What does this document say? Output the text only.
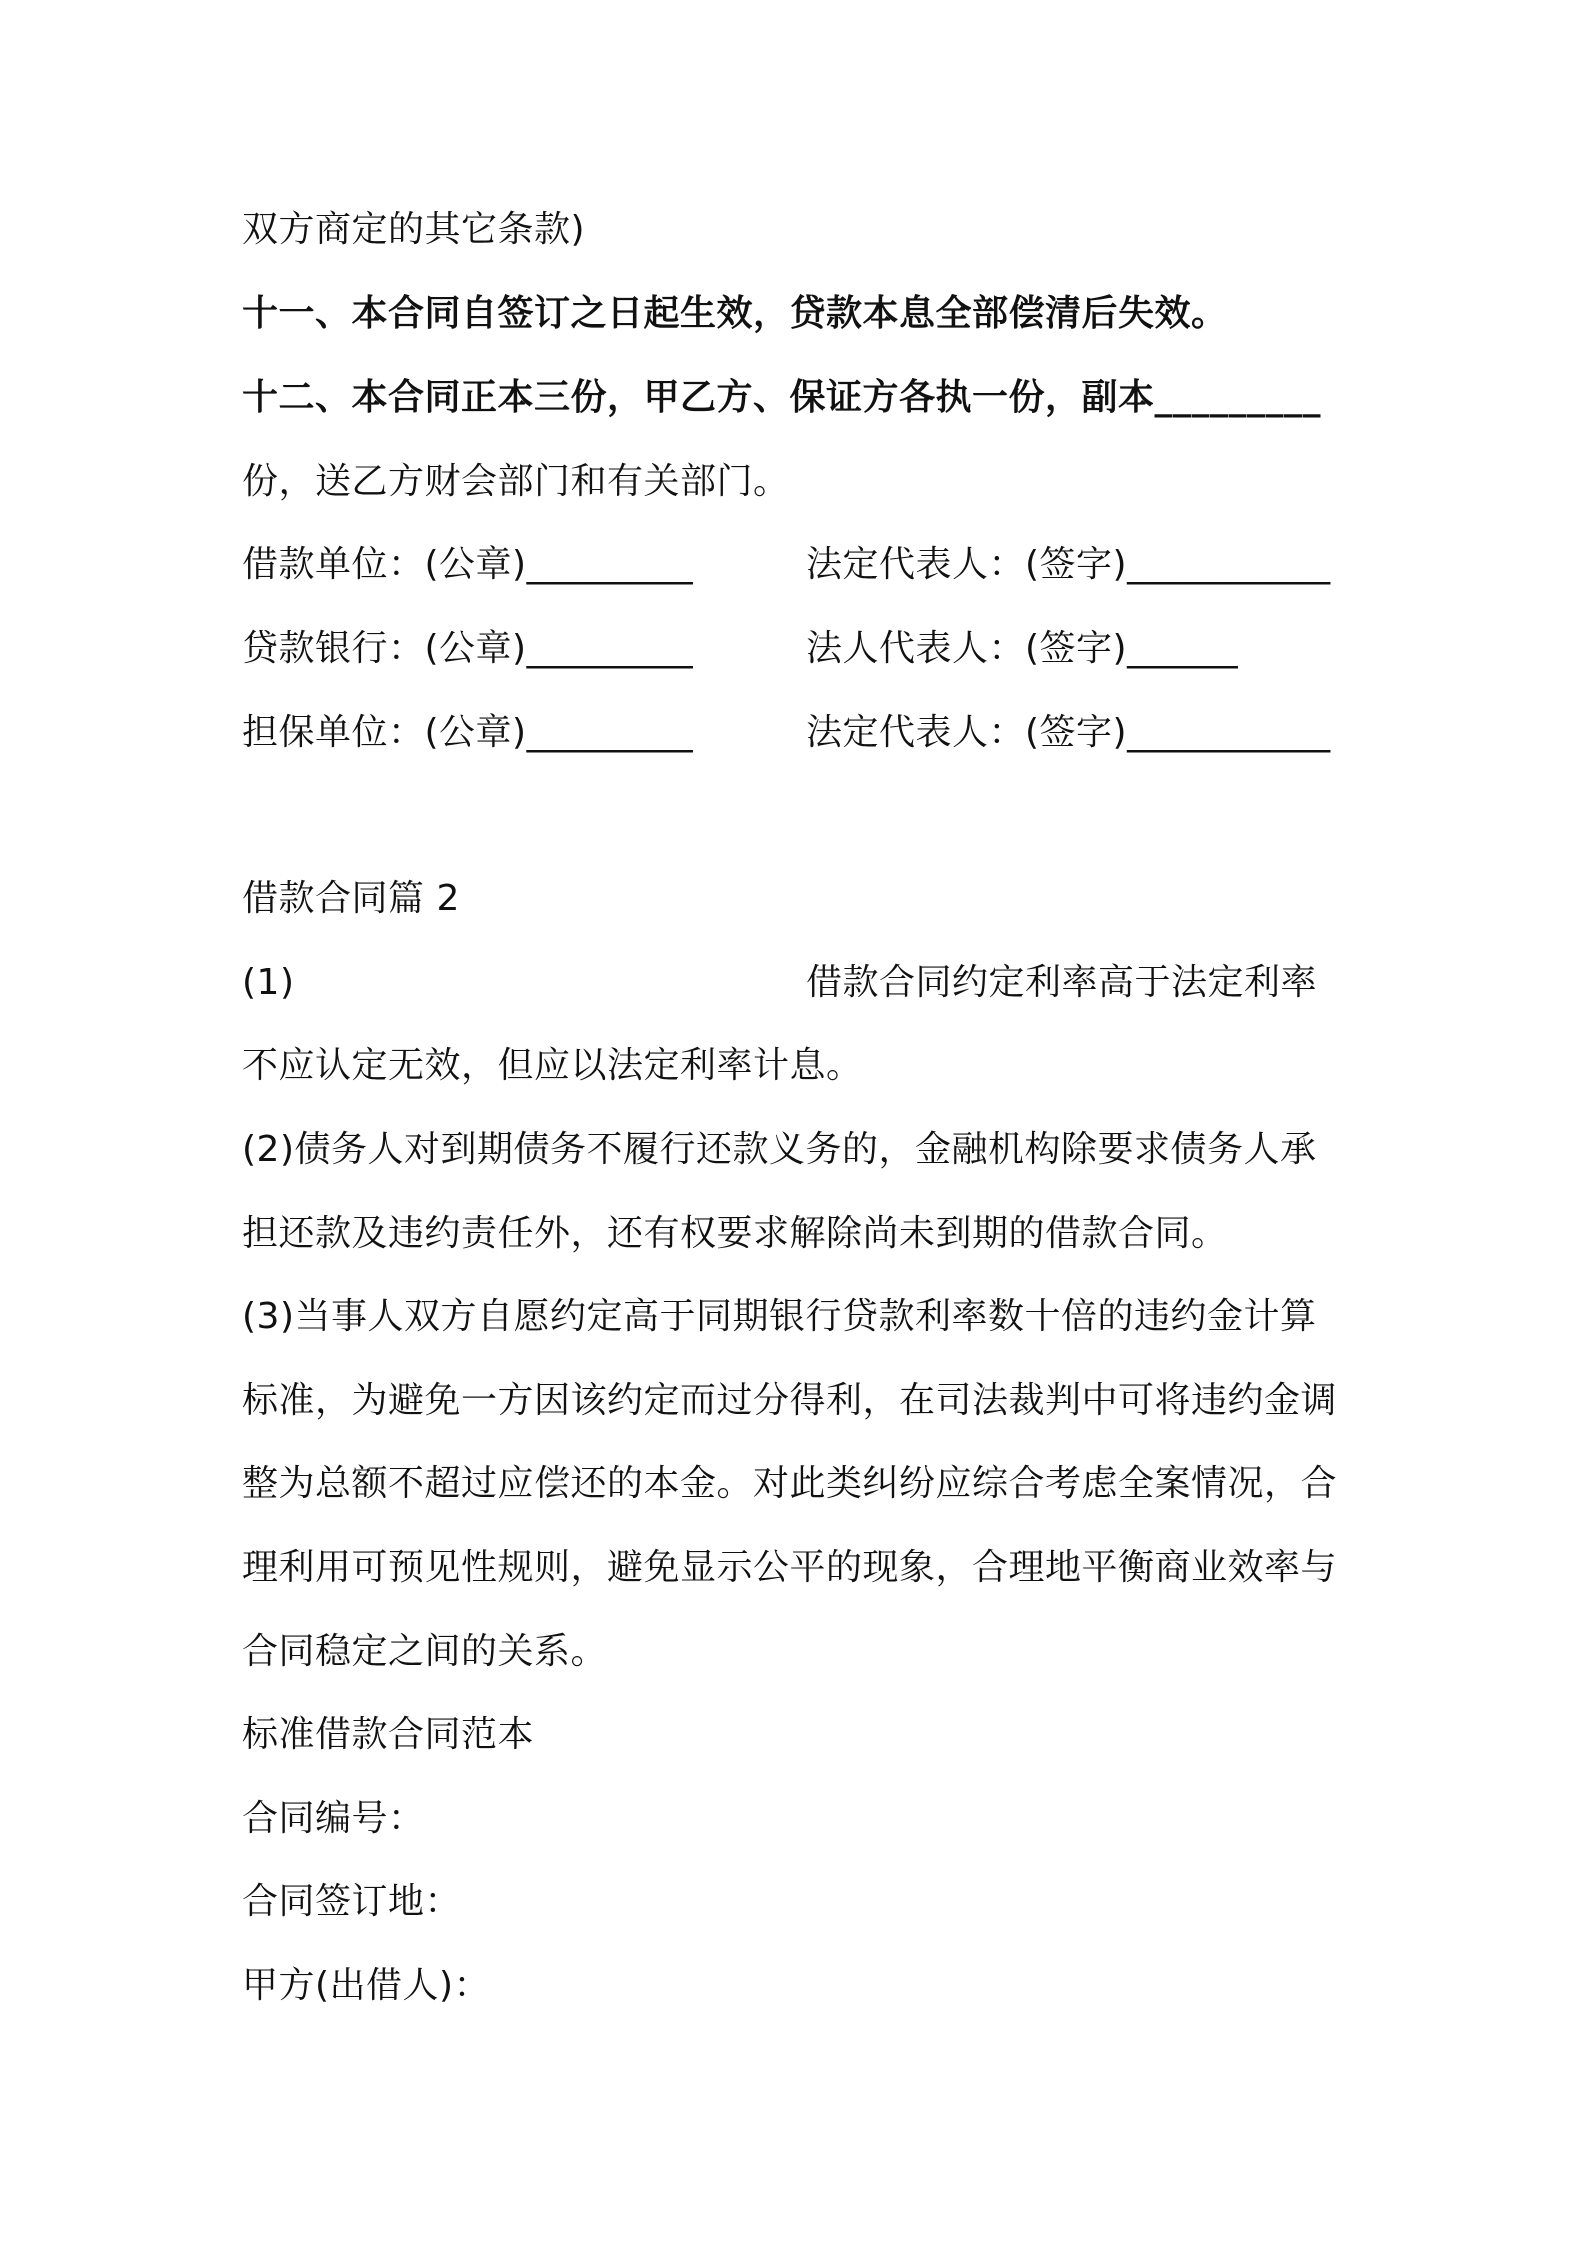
双方商定的其它条款)
十一、本合同自签订之日起生效，贷款本息全部偿清后失效。
十二、本合同正本三份，甲乙方、保证方各执一份，副本_________
份，送乙方财会部门和有关部门。
借款单位：(公章)_________	法定代表人：(签字)___________
贷款银行：(公章)_________	法人代表人：(签字)______
担保单位：(公章)_________	法定代表人：(签字)___________
借款合同篇 2
(1)	借款合同约定利率高于法定利率
不应认定无效，但应以法定利率计息。
(2)债务人对到期债务不履行还款义务的，金融机构除要求债务人承
担还款及违约责任外，还有权要求解除尚未到期的借款合同。
(3)当事人双方自愿约定高于同期银行贷款利率数十倍的违约金计算
标准，为避免一方因该约定而过分得利，在司法裁判中可将违约金调
整为总额不超过应偿还的本金。对此类纠纷应综合考虑全案情况，合
理利用可预见性规则，避免显示公平的现象，合理地平衡商业效率与
合同稳定之间的关系。
标准借款合同范本
合同编号：
合同签订地：
甲方(出借人)：
